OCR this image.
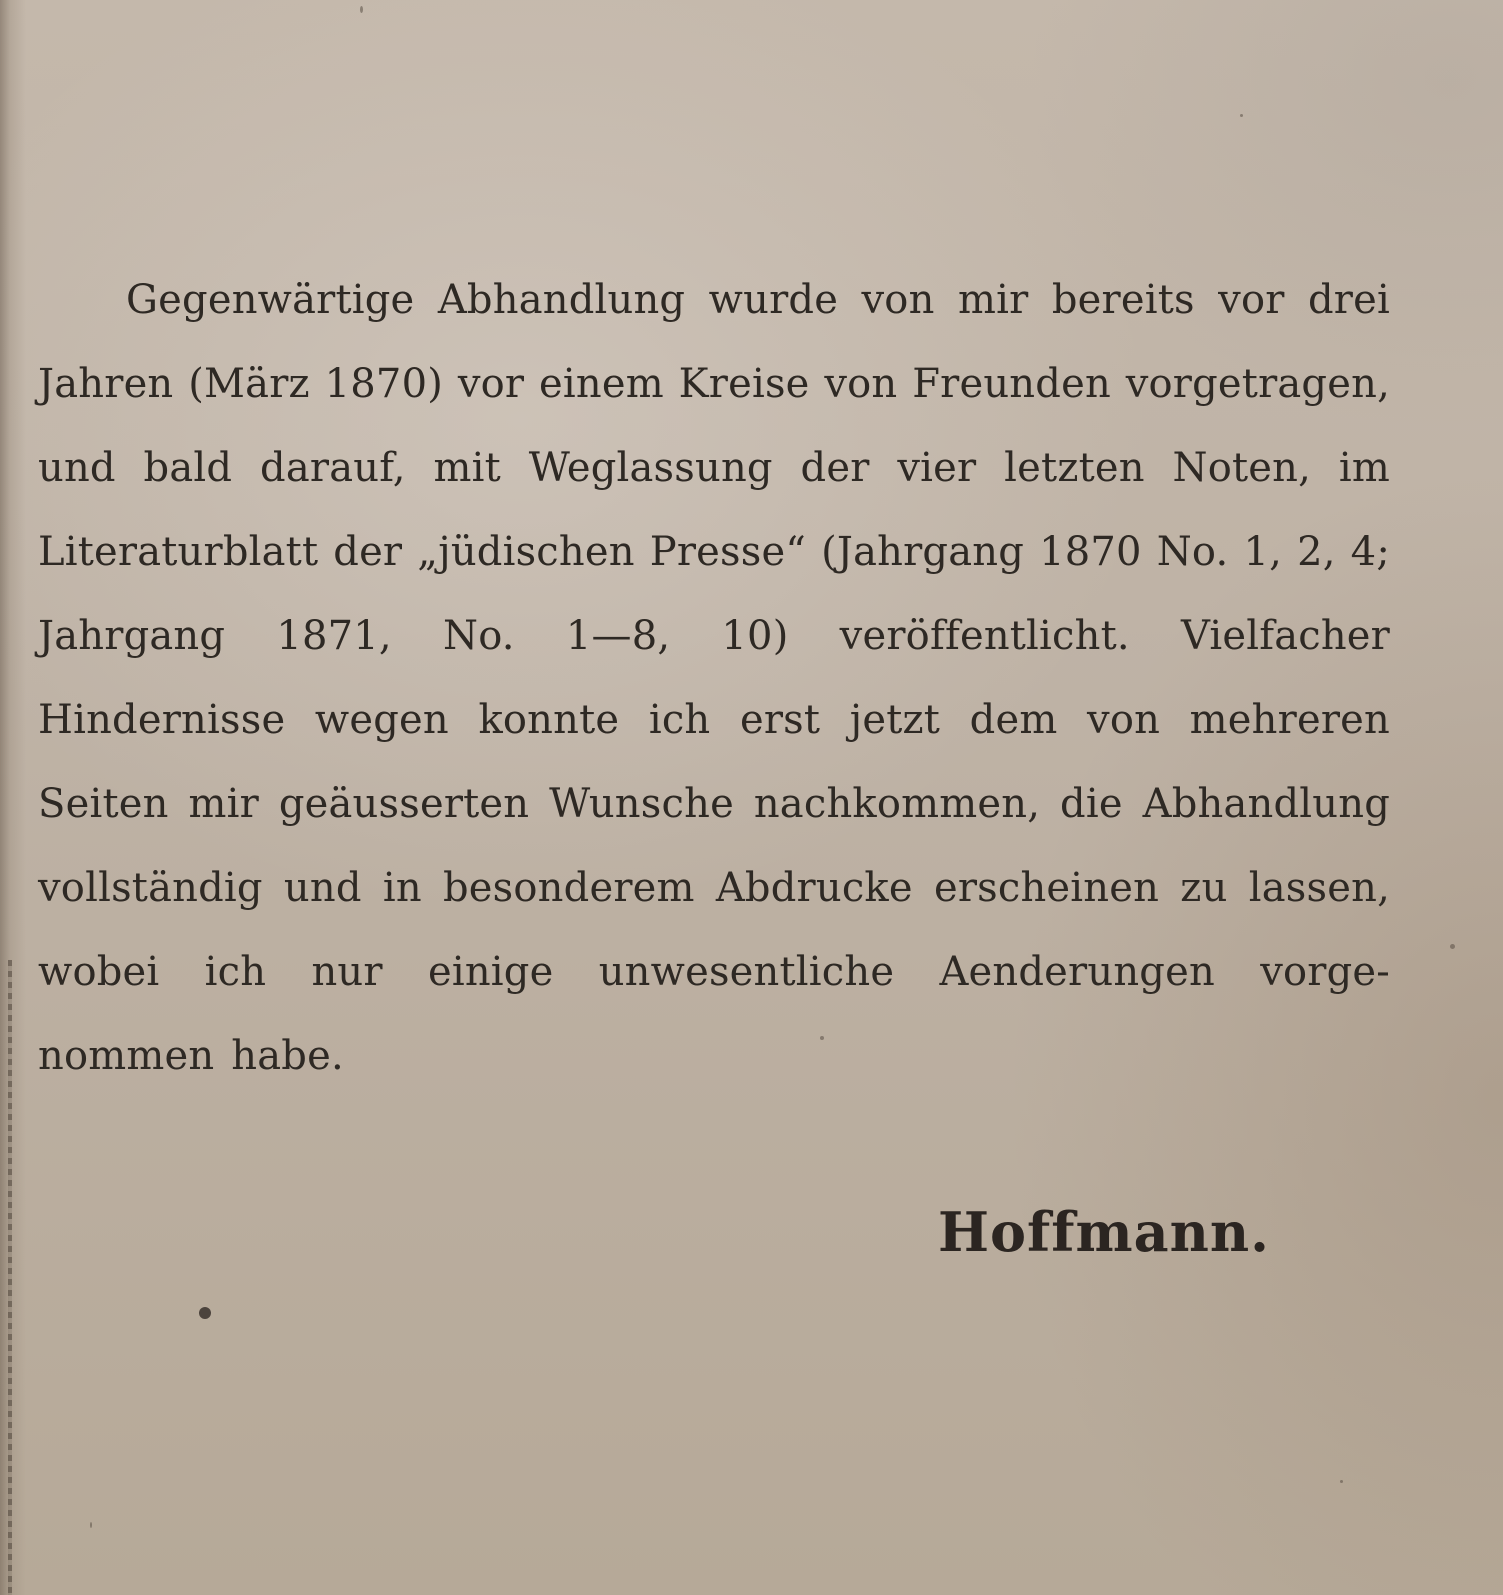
Gegenwärtige Abhandlung wurde von mir bereits vor drei
Jahren (März 1870) vor einem Kreise von Freunden vorgetragen,
und bald darauf, mit Weglassung der vier letzten Noten, im
Literaturblatt der „jüdischen Presse“ (Jahrgang 1870 No. 1, 2, 4;
Jahrgang 1871, No. 1—8, 10) veröffentlicht. Vielfacher
Hindernisse wegen konnte ich erst jetzt dem von mehreren
Seiten mir geäusserten Wunsche nachkommen, die Abhandlung
vollständig und in besonderem Abdrucke erscheinen zu lassen,
wobei ich nur einige unwesentliche Aenderungen vorge-
nommen habe.
Hoffmann.
